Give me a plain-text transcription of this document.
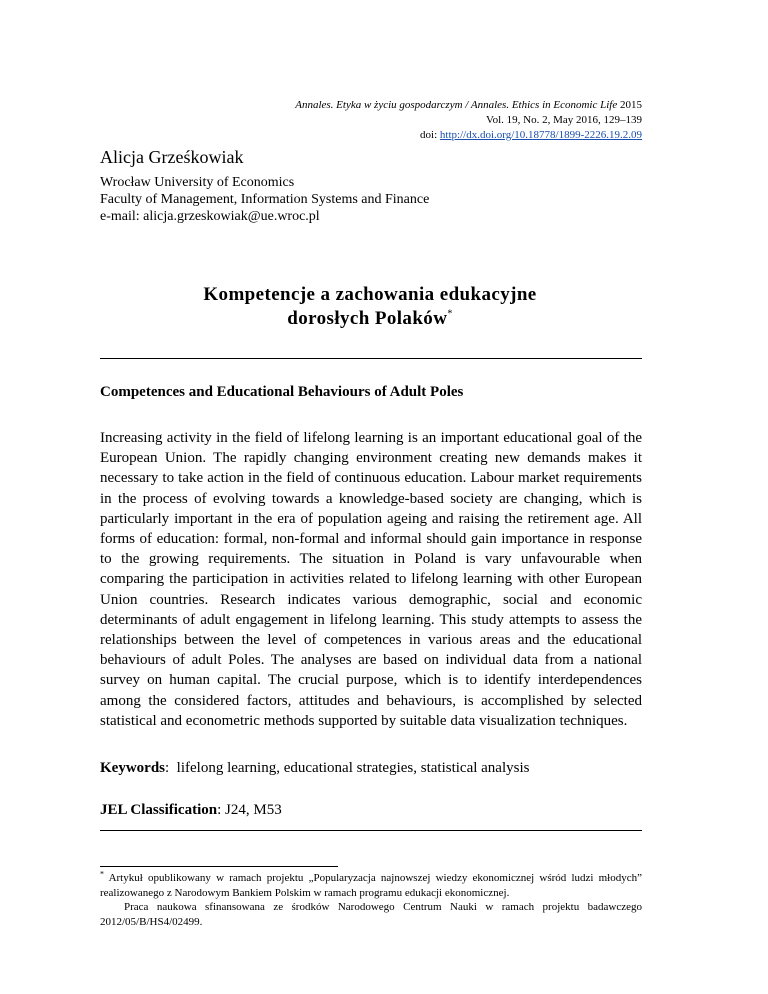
Annales. Etyka w życiu gospodarczym / Annales. Ethics in Economic Life 2015
Vol. 19, No. 2, May 2016, 129–139
doi: http://dx.doi.org/10.18778/1899-2226.19.2.09
Alicja Grześkowiak
Wrocław University of Economics
Faculty of Management, Information Systems and Finance
e-mail: alicja.grzeskowiak@ue.wroc.pl
Kompetencje a zachowania edukacyjne
dorosłych Polaków*
Competences and Educational Behaviours of Adult Poles

Increasing activity in the field of lifelong learning is an important educational goal of the European Union. The rapidly changing environment creating new demands makes it necessary to take action in the field of continuous education. Labour market requirements in the process of evolving towards a knowledge-based society are changing, which is particularly important in the era of population ageing and raising the retirement age. All forms of education: formal, non-formal and informal should gain importance in response to the growing requirements. The situation in Poland is vary unfavourable when comparing the participation in activities related to lifelong learning with other European Union countries. Research indicates various demographic, social and economic determinants of adult engagement in lifelong learning. This study attempts to assess the relationships between the level of competences in various areas and the educational behaviours of adult Poles. The analyses are based on individual data from a national survey on human capital. The crucial purpose, which is to identify interdependences among the considered factors, attitudes and behaviours, is accomplished by selected statistical and econometric methods supported by suitable data visualization techniques.

Keywords:  lifelong learning, educational strategies, statistical analysis

JEL Classification: J24, M53

* Artykuł opublikowany w ramach projektu „Popularyzacja najnowszej wiedzy ekonomicznej wśród ludzi młodych” realizowanego z Narodowym Bankiem Polskim w ramach programu edukacji ekonomicznej.

Praca naukowa sfinansowana ze środków Narodowego Centrum Nauki w ramach projektu badawczego 2012/05/B/HS4/02499.
